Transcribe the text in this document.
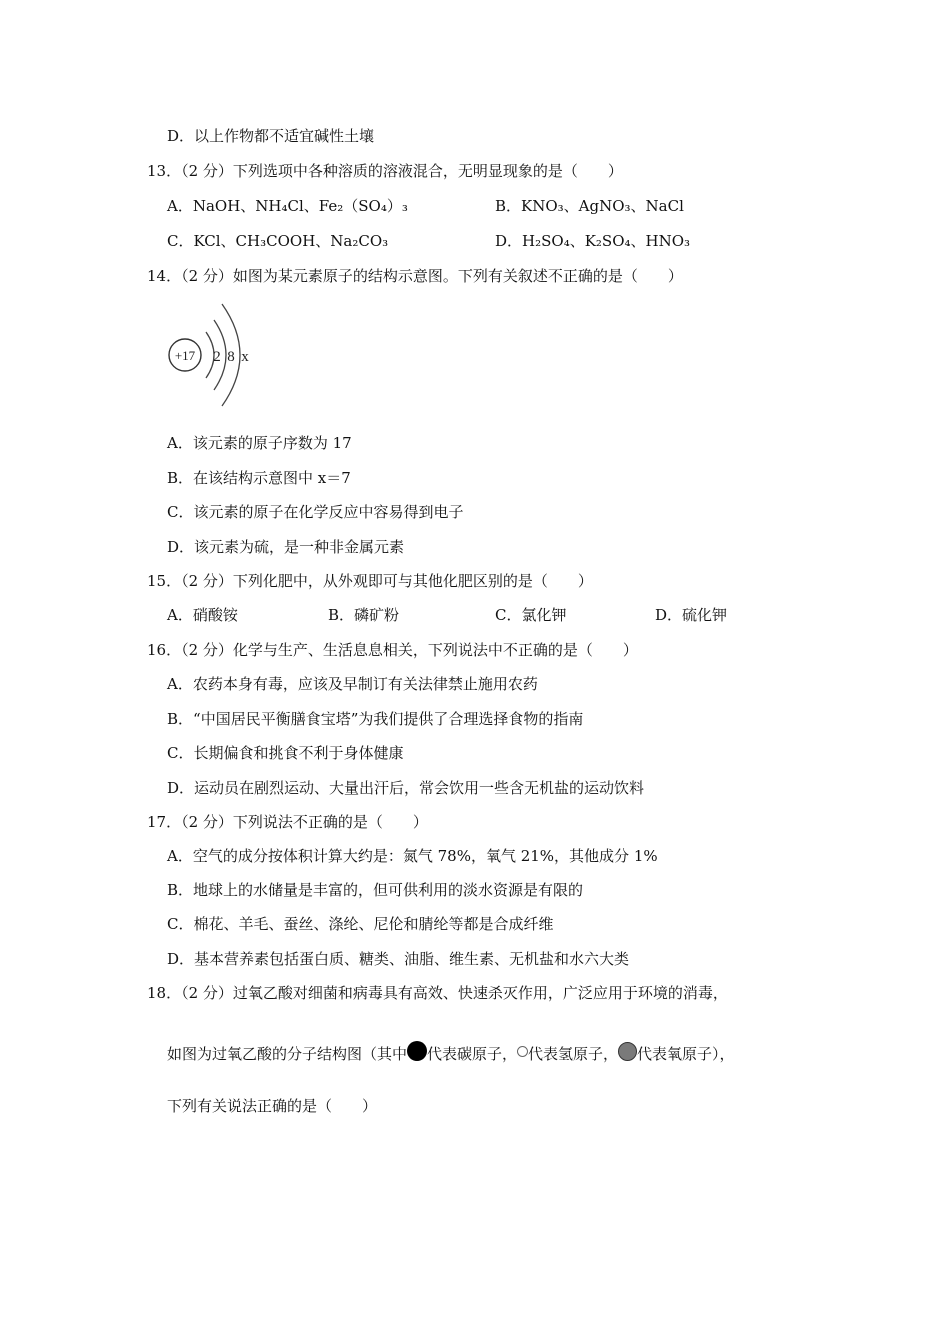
D．以上作物都不适宜碱性土壤
13．（2 分）下列选项中各种溶质的溶液混合，无明显现象的是（　　）
A．NaOH、NH₄Cl、Fe₂（SO₄）₃	B．KNO₃、AgNO₃、NaCl
C．KCl、CH₃COOH、Na₂CO₃	D．H₂SO₄、K₂SO₄、HNO₃
14．（2 分）如图为某元素原子的结构示意图。下列有关叙述不正确的是（　　）
+17 2 8 x
A．该元素的原子序数为 17
B．在该结构示意图中 x＝7
C．该元素的原子在化学反应中容易得到电子
D．该元素为硫，是一种非金属元素
15．（2 分）下列化肥中，从外观即可与其他化肥区别的是（　　）
A．硝酸铵	B．磷矿粉	C．氯化钾	D．硫化钾
16．（2 分）化学与生产、生活息息相关，下列说法中不正确的是（　　）
A．农药本身有毒，应该及早制订有关法律禁止施用农药
B．“中国居民平衡膳食宝塔”为我们提供了合理选择食物的指南
C．长期偏食和挑食不利于身体健康
D．运动员在剧烈运动、大量出汗后，常会饮用一些含无机盐的运动饮料
17．（2 分）下列说法不正确的是（　　）
A．空气的成分按体积计算大约是：氮气 78%，氧气 21%，其他成分 1%
B．地球上的水储量是丰富的，但可供利用的淡水资源是有限的
C．棉花、羊毛、蚕丝、涤纶、尼伦和腈纶等都是合成纤维
D．基本营养素包括蛋白质、糖类、油脂、维生素、无机盐和水六大类
18．（2 分）过氧乙酸对细菌和病毒具有高效、快速杀灭作用，广泛应用于环境的消毒，
如图为过氧乙酸的分子结构图（其中 代表碳原子， 代表氢原子， 代表氧原子），
下列有关说法正确的是（　　）
